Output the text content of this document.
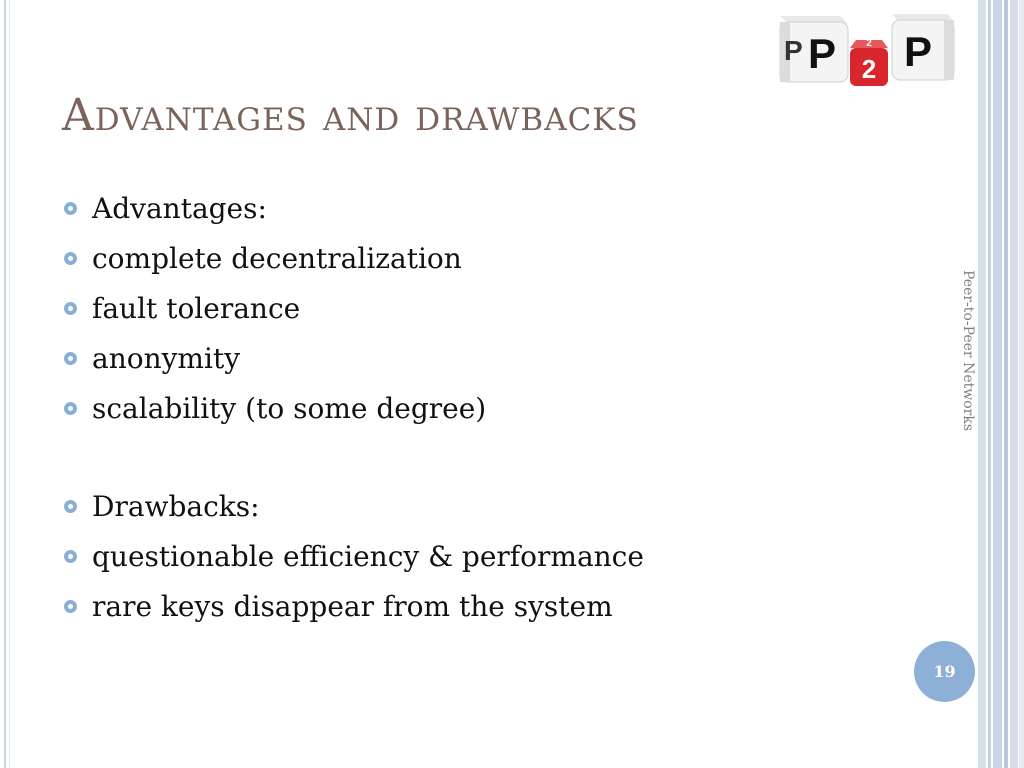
P
P
2
2 P
Advantages and drawbacks
Advantages:
complete decentralization
fault tolerance
anonymity
scalability (to some degree)
Drawbacks:
questionable efficiency & performance
rare keys disappear from the system
Peer-to-Peer Networks
19
